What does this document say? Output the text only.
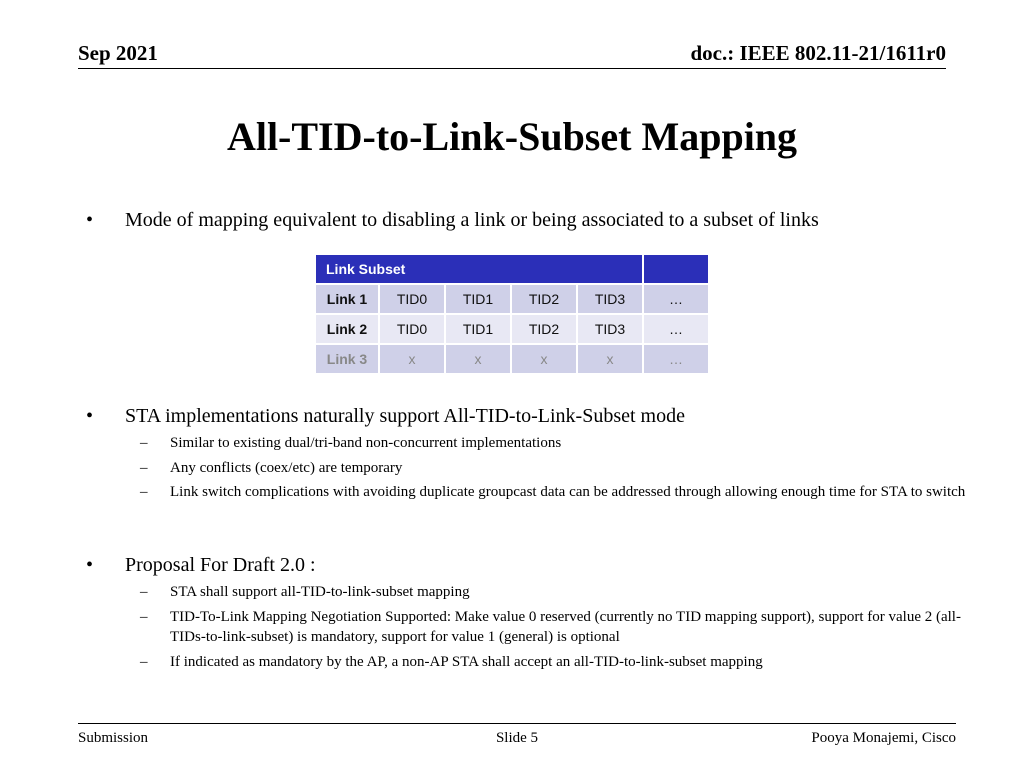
Sep 2021	doc.: IEEE 802.11-21/1611r0
All-TID-to-Link-Subset Mapping
•	Mode of mapping equivalent to disabling a link or being associated to a subset of links
Link Subset					
Link 1	TID0	TID1	TID2	TID3	…
Link 2	TID0	TID1	TID2	TID3	…
Link 3	x	x	x	x	…
•	STA implementations naturally support All-TID-to-Link-Subset mode
– Similar to existing dual/tri-band non-concurrent implementations
– Any conflicts (coex/etc) are temporary
– Link switch complications with avoiding duplicate groupcast data can be addressed through allowing enough time for STA to switch
•	Proposal For Draft 2.0 :
– STA shall support all-TID-to-link-subset mapping
– TID-To-Link Mapping Negotiation Supported: Make value 0 reserved (currently no TID mapping support), support for value 2 (all-TIDs-to-link-subset) is mandatory, support for value 1 (general) is optional
– If indicated as mandatory by the AP, a non-AP STA shall accept an all-TID-to-link-subset mapping
Submission	Slide 5	Pooya Monajemi, Cisco
